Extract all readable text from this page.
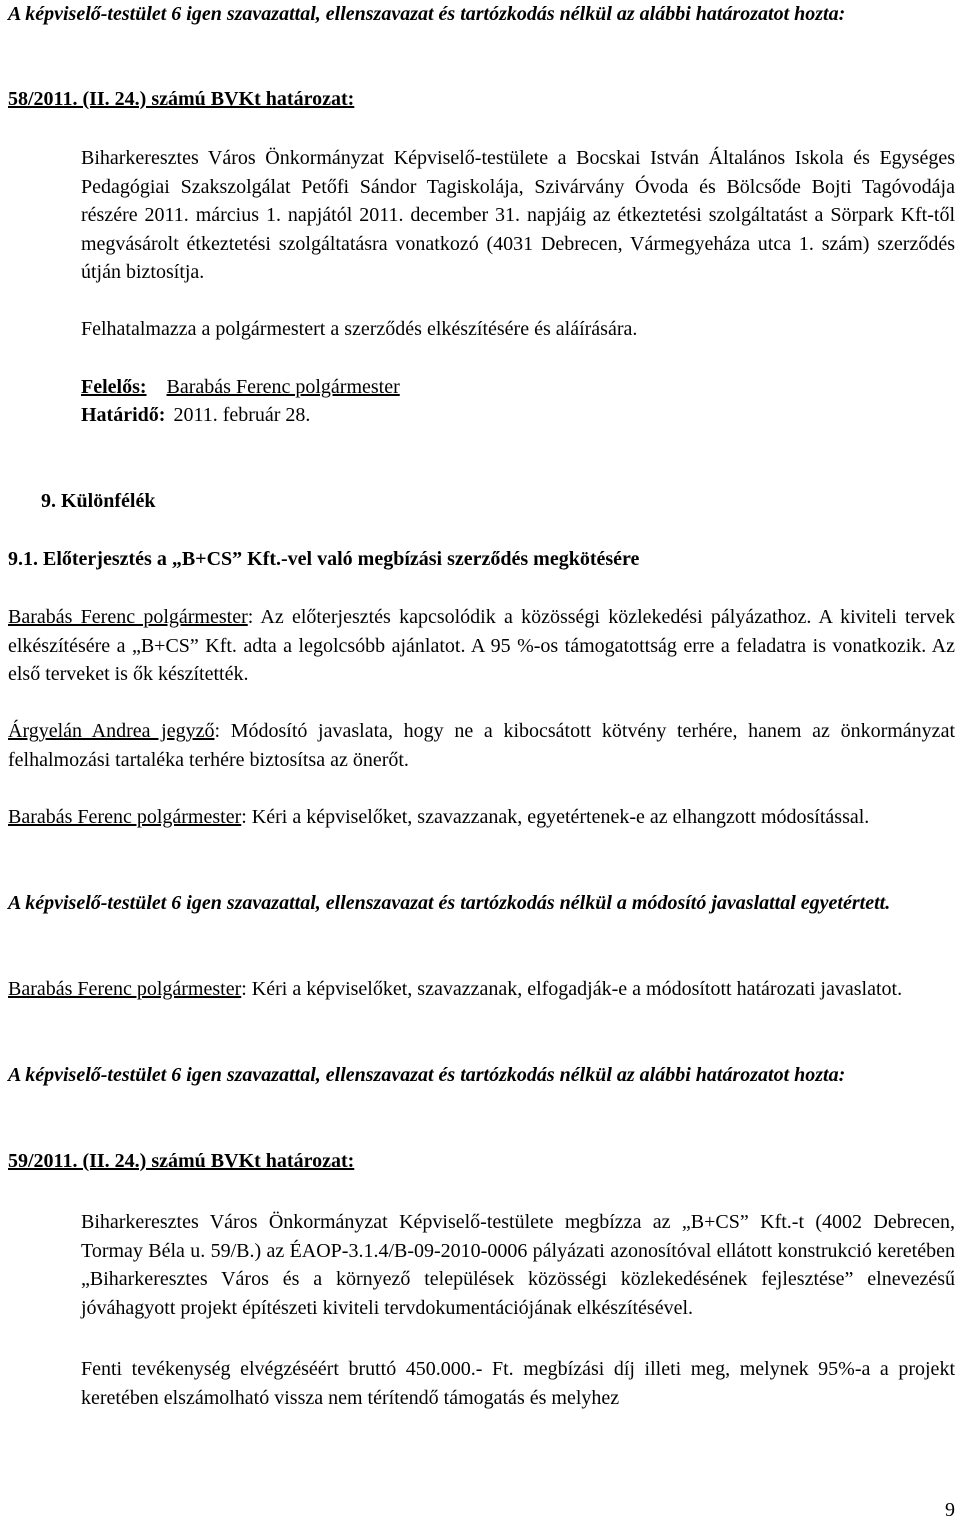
A képviselő-testület 6 igen szavazattal, ellenszavazat és tartózkodás nélkül az alábbi határozatot hozta:

58/2011. (II. 24.) számú BVKt határozat:

Biharkeresztes Város Önkormányzat Képviselő-testülete a Bocskai István Általános Iskola és Egységes Pedagógiai Szakszolgálat Petőfi Sándor Tagiskolája, Szivárvány Óvoda és Bölcsőde Bojti Tagóvodája részére 2011. március 1. napjától 2011. december 31. napjáig az étkeztetési szolgáltatást a Sörpark Kft-től megvásárolt étkeztetési szolgáltatásra vonatkozó (4031 Debrecen, Vármegyeháza utca 1. szám) szerződés útján biztosítja.

Felhatalmazza a polgármestert a szerződés elkészítésére és aláírására.

Felelős: Barabás Ferenc polgármester

Határidő: 2011. február 28.

9. Különfélék

9.1. Előterjesztés a „B+CS” Kft.-vel való megbízási szerződés megkötésére

Barabás Ferenc polgármester: Az előterjesztés kapcsolódik a közösségi közlekedési pályázathoz. A kiviteli tervek elkészítésére a „B+CS” Kft. adta a legolcsóbb ajánlatot. A 95 %-os támogatottság erre a feladatra is vonatkozik. Az első terveket is ők készítették.

Árgyelán Andrea jegyző: Módosító javaslata, hogy ne a kibocsátott kötvény terhére, hanem az önkormányzat felhalmozási tartaléka terhére biztosítsa az önerőt.

Barabás Ferenc polgármester: Kéri a képviselőket, szavazzanak, egyetértenek-e az elhangzott módosítással.

A képviselő-testület 6 igen szavazattal, ellenszavazat és tartózkodás nélkül a módosító javaslattal egyetértett.

Barabás Ferenc polgármester: Kéri a képviselőket, szavazzanak, elfogadják-e a módosított határozati javaslatot.

A képviselő-testület 6 igen szavazattal, ellenszavazat és tartózkodás nélkül az alábbi határozatot hozta:

59/2011. (II. 24.) számú BVKt határozat:

Biharkeresztes Város Önkormányzat Képviselő-testülete megbízza az „B+CS” Kft.-t (4002 Debrecen, Tormay Béla u. 59/B.) az ÉAOP-3.1.4/B-09-2010-0006 pályázati azonosítóval ellátott konstrukció keretében „Biharkeresztes Város és a környező települések közösségi közlekedésének fejlesztése” elnevezésű jóváhagyott projekt építészeti kiviteli tervdokumentációjának elkészítésével.

Fenti tevékenység elvégzéséért bruttó 450.000.- Ft. megbízási díj illeti meg, melynek 95%-a a projekt keretében elszámolható vissza nem térítendő támogatás és melyhez

9
